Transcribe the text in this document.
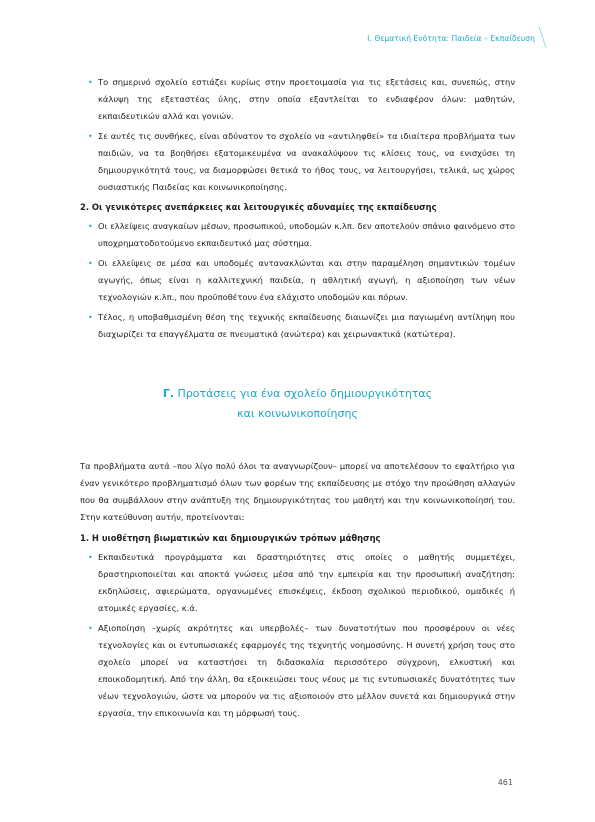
Ι. Θεματική Ενότητα: Παιδεία – Εκπαίδευση
• Το σημερινό σχολείο εστιάζει κυρίως στην προετοιμασία για τις εξετάσεις και, συνεπώς, στην κάλυψη της εξεταστέας ύλης, στην οποία εξαντλείται το ενδιαφέρον όλων: μαθητών, εκπαιδευτικών αλλά και γονιών.
• Σε αυτές τις συνθήκες, είναι αδύνατον το σχολείο να «αντιληφθεί» τα ιδιαίτερα προβλήματα των παιδιών, να τα βοηθήσει εξατομικευμένα να ανακαλύψουν τις κλίσεις τους, να ενισχύσει τη δημιουργικότητά τους, να διαμορφώσει θετικά το ήθος τους, να λειτουργήσει, τελικά, ως χώρος ουσιαστικής Παιδείας και κοινωνικοποίησης.
2. Οι γενικότερες ανεπάρκειες και λειτουργικές αδυναμίες της εκπαίδευσης
• Οι ελλείψεις αναγκαίων μέσων, προσωπικού, υποδομών κ.λπ. δεν αποτελούν σπάνιο φαινόμενο στο υποχρηματοδοτούμενο εκπαιδευτικό μας σύστημα.
• Οι ελλείψεις σε μέσα και υποδομές αντανακλώνται και στην παραμέληση σημαντικών τομέων αγωγής, όπως είναι η καλλιτεχνική παιδεία, η αθλητική αγωγή, η αξιοποίηση των νέων τεχνολογιών κ.λπ., που προϋποθέτουν ένα ελάχιστο υποδομών και πόρων.
• Τέλος, η υποβαθμισμένη θέση της τεχνικής εκπαίδευσης διαιωνίζει μια παγιωμένη αντίληψη που διαχωρίζει τα επαγγέλματα σε πνευματικά (ανώτερα) και χειρωνακτικά (κατώτερα).
Γ. Προτάσεις για ένα σχολείο δημιουργικότητας
και κοινωνικοποίησης
Τα προβλήματα αυτά –που λίγο πολύ όλοι τα αναγνωρίζουν– μπορεί να αποτελέσουν το εφαλτήριο για έναν γενικότερο προβληματισμό όλων των φορέων της εκπαίδευσης με στόχο την προώθηση αλλαγών που θα συμβάλλουν στην ανάπτυξη της δημιουργικότητας του μαθητή και την κοινωνικοποίησή του. Στην κατεύθυνση αυτήν, προτείνονται:
1. Η υιοθέτηση βιωματικών και δημιουργικών τρόπων μάθησης
• Εκπαιδευτικά προγράμματα και δραστηριότητες στις οποίες ο μαθητής συμμετέχει, δραστηριοποιείται και αποκτά γνώσεις μέσα από την εμπειρία και την προσωπική αναζήτηση: εκδηλώσεις, αφιερώματα, οργανωμένες επισκέψεις, έκδοση σχολικού περιοδικού, ομαδικές ή ατομικές εργασίες, κ.ά.
• Αξιοποίηση –χωρίς ακρότητες και υπερβολές– των δυνατοτήτων που προσφέρουν οι νέες τεχνολογίες και οι εντυπωσιακές εφαρμογές της τεχνητής νοημοσύνης. Η συνετή χρήση τους στο σχολείο μπορεί να καταστήσει τη διδασκαλία περισσότερο σύγχρονη, ελκυστική και εποικοδομητική. Από την άλλη, θα εξοικειώσει τους νέους με τις εντυπωσιακές δυνατότητες των νέων τεχνολογιών, ώστε να μπορούν να τις αξιοποιούν στο μέλλον συνετά και δημιουργικά στην εργασία, την επικοινωνία και τη μόρφωσή τους.
461
